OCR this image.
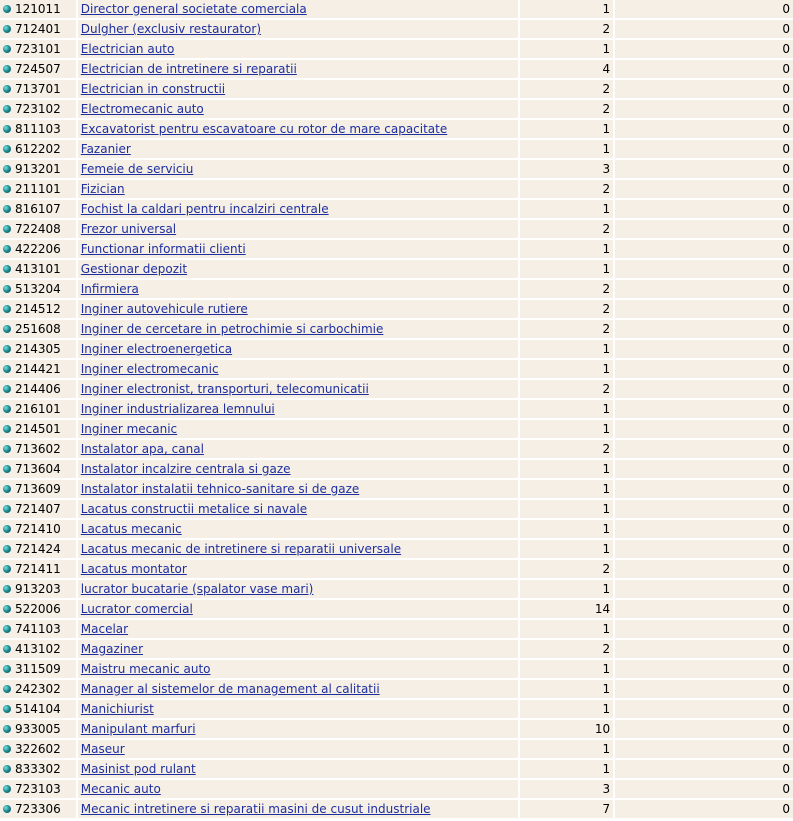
121011	Director general societate comerciala	1	0
712401	Dulgher (exclusiv restaurator)	2	0
723101	Electrician auto	1	0
724507	Electrician de intretinere si reparatii	4	0
713701	Electrician in constructii	2	0
723102	Electromecanic auto	2	0
811103	Excavatorist pentru escavatoare cu rotor de mare capacitate	1	0
612202	Fazanier	1	0
913201	Femeie de serviciu	3	0
211101	Fizician	2	0
816107	Fochist la caldari pentru incalziri centrale	1	0
722408	Frezor universal	2	0
422206	Functionar informatii clienti	1	0
413101	Gestionar depozit	1	0
513204	Infirmiera	2	0
214512	Inginer autovehicule rutiere	2	0
251608	Inginer de cercetare in petrochimie si carbochimie	2	0
214305	Inginer electroenergetica	1	0
214421	Inginer electromecanic	1	0
214406	Inginer electronist, transporturi, telecomunicatii	2	0
216101	Inginer industrializarea lemnului	1	0
214501	Inginer mecanic	1	0
713602	Instalator apa, canal	2	0
713604	Instalator incalzire centrala si gaze	1	0
713609	Instalator instalatii tehnico-sanitare si de gaze	1	0
721407	Lacatus constructii metalice si navale	1	0
721410	Lacatus mecanic	1	0
721424	Lacatus mecanic de intretinere si reparatii universale	1	0
721411	Lacatus montator	2	0
913203	lucrator bucatarie (spalator vase mari)	1	0
522006	Lucrator comercial	14	0
741103	Macelar	1	0
413102	Magaziner	2	0
311509	Maistru mecanic auto	1	0
242302	Manager al sistemelor de management al calitatii	1	0
514104	Manichiurist	1	0
933005	Manipulant marfuri	10	0
322602	Maseur	1	0
833302	Masinist pod rulant	1	0
723103	Mecanic auto	3	0
723306	Mecanic intretinere si reparatii masini de cusut industriale	7	0
